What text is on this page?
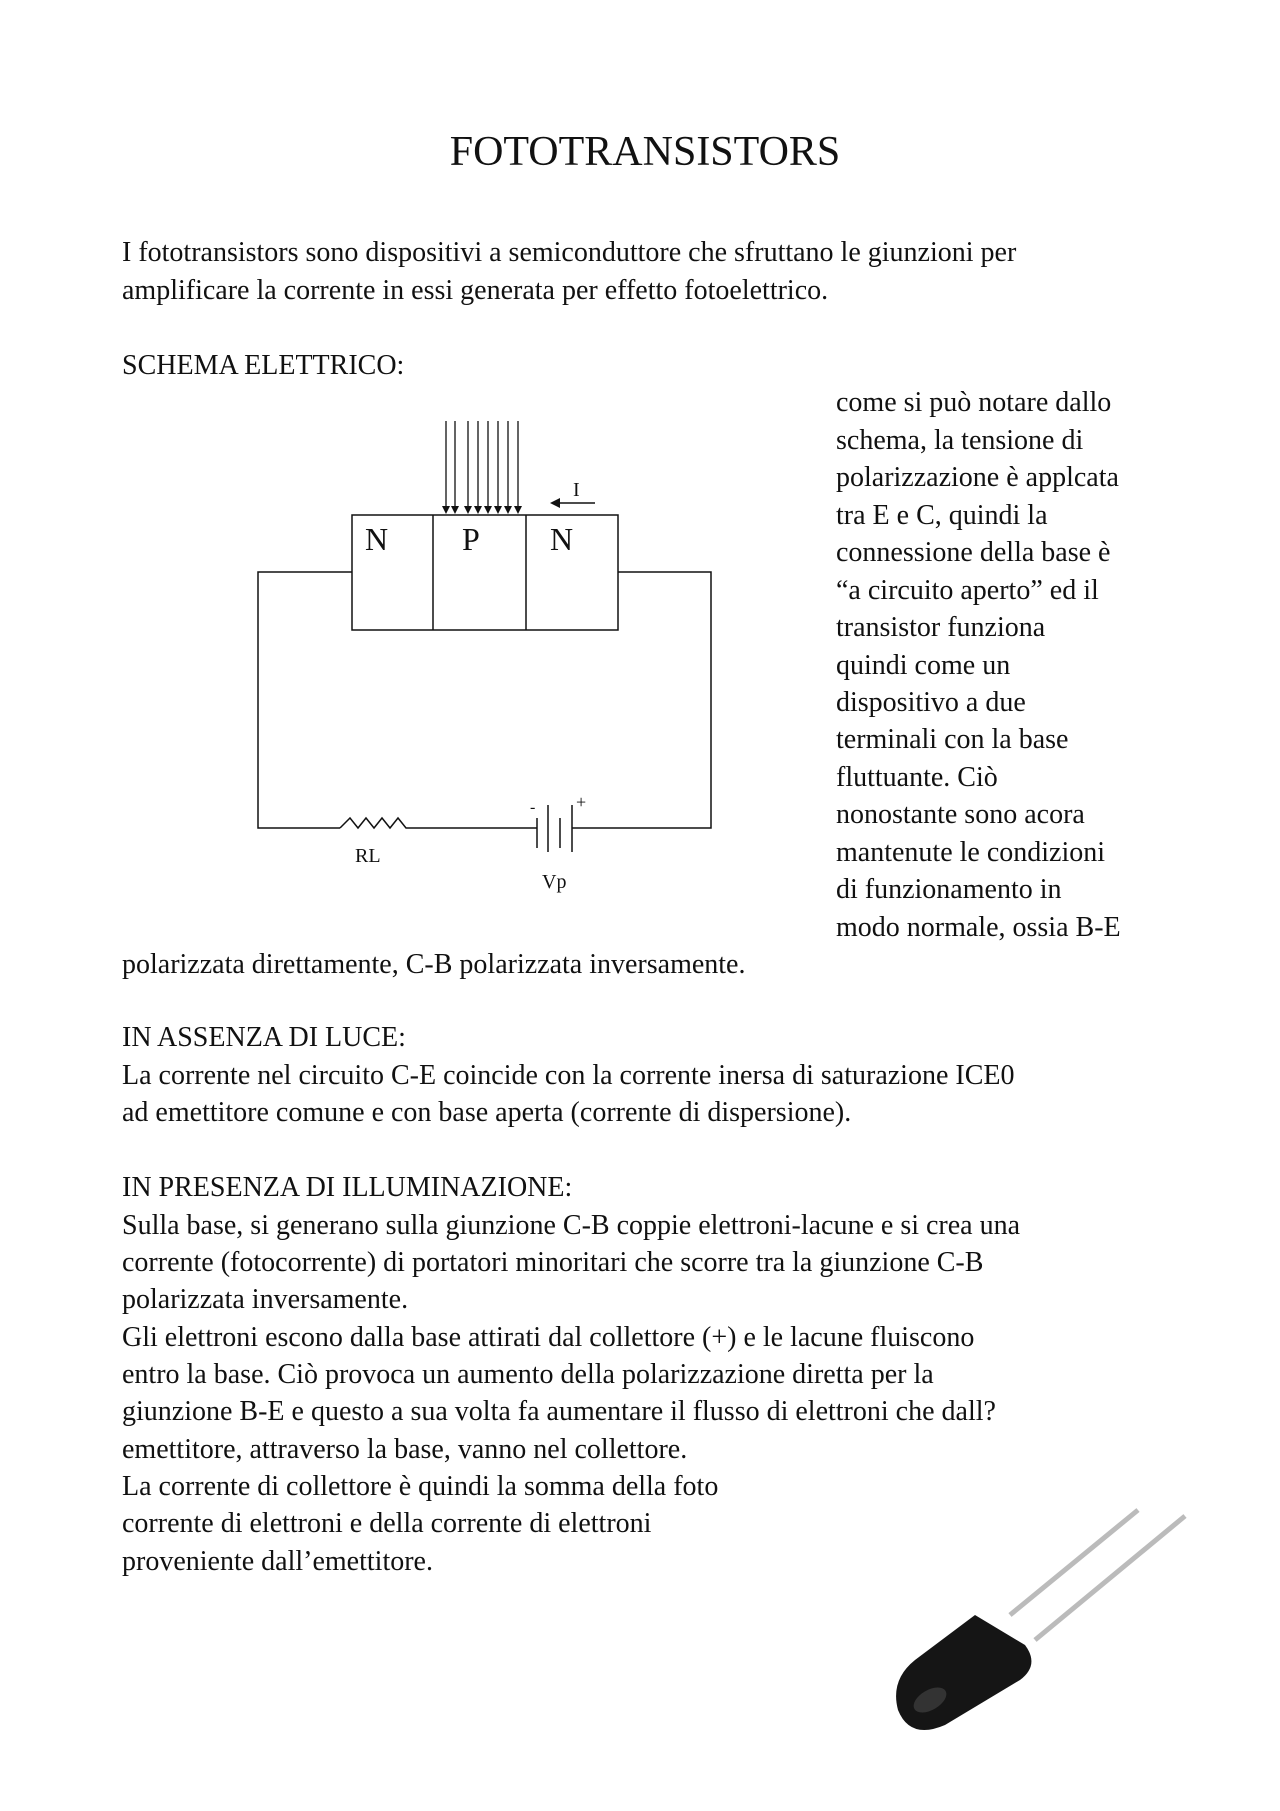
FOTOTRANSISTORS
I fototransistors sono dispositivi a semiconduttore che sfruttano le giunzioni per
amplificare la corrente in essi generata per effetto fotoelettrico.
SCHEMA ELETTRICO:
come si può notare dallo
schema, la tensione di
polarizzazione è applcata
tra E e C, quindi la
connessione della base è
“a circuito aperto” ed il
transistor funziona
quindi come un
dispositivo a due
terminali con la base
fluttuante. Ciò
nonostante sono acora
mantenute le condizioni
di funzionamento in
modo normale, ossia B-E
polarizzata direttamente, C-B polarizzata inversamente.
IN ASSENZA DI LUCE:
La corrente nel circuito C-E coincide con la corrente inersa di saturazione ICE0
ad emettitore comune e con base aperta (corrente di dispersione).
IN PRESENZA DI ILLUMINAZIONE:
Sulla base, si generano sulla giunzione C-B coppie elettroni-lacune e si crea una
corrente (fotocorrente) di portatori minoritari che scorre tra la giunzione C-B
polarizzata inversamente.
Gli elettroni escono dalla base attirati dal collettore (+) e le lacune fluiscono
entro la base. Ciò provoca un aumento della polarizzazione diretta per la
giunzione B-E e questo a sua volta fa aumentare il flusso di elettroni che dall?
emettitore, attraverso la base, vanno nel collettore.
La corrente di collettore è quindi la somma della foto
corrente di elettroni e della corrente di elettroni
proveniente dall’emettitore.
N P N
I
RL
Vp
- +
